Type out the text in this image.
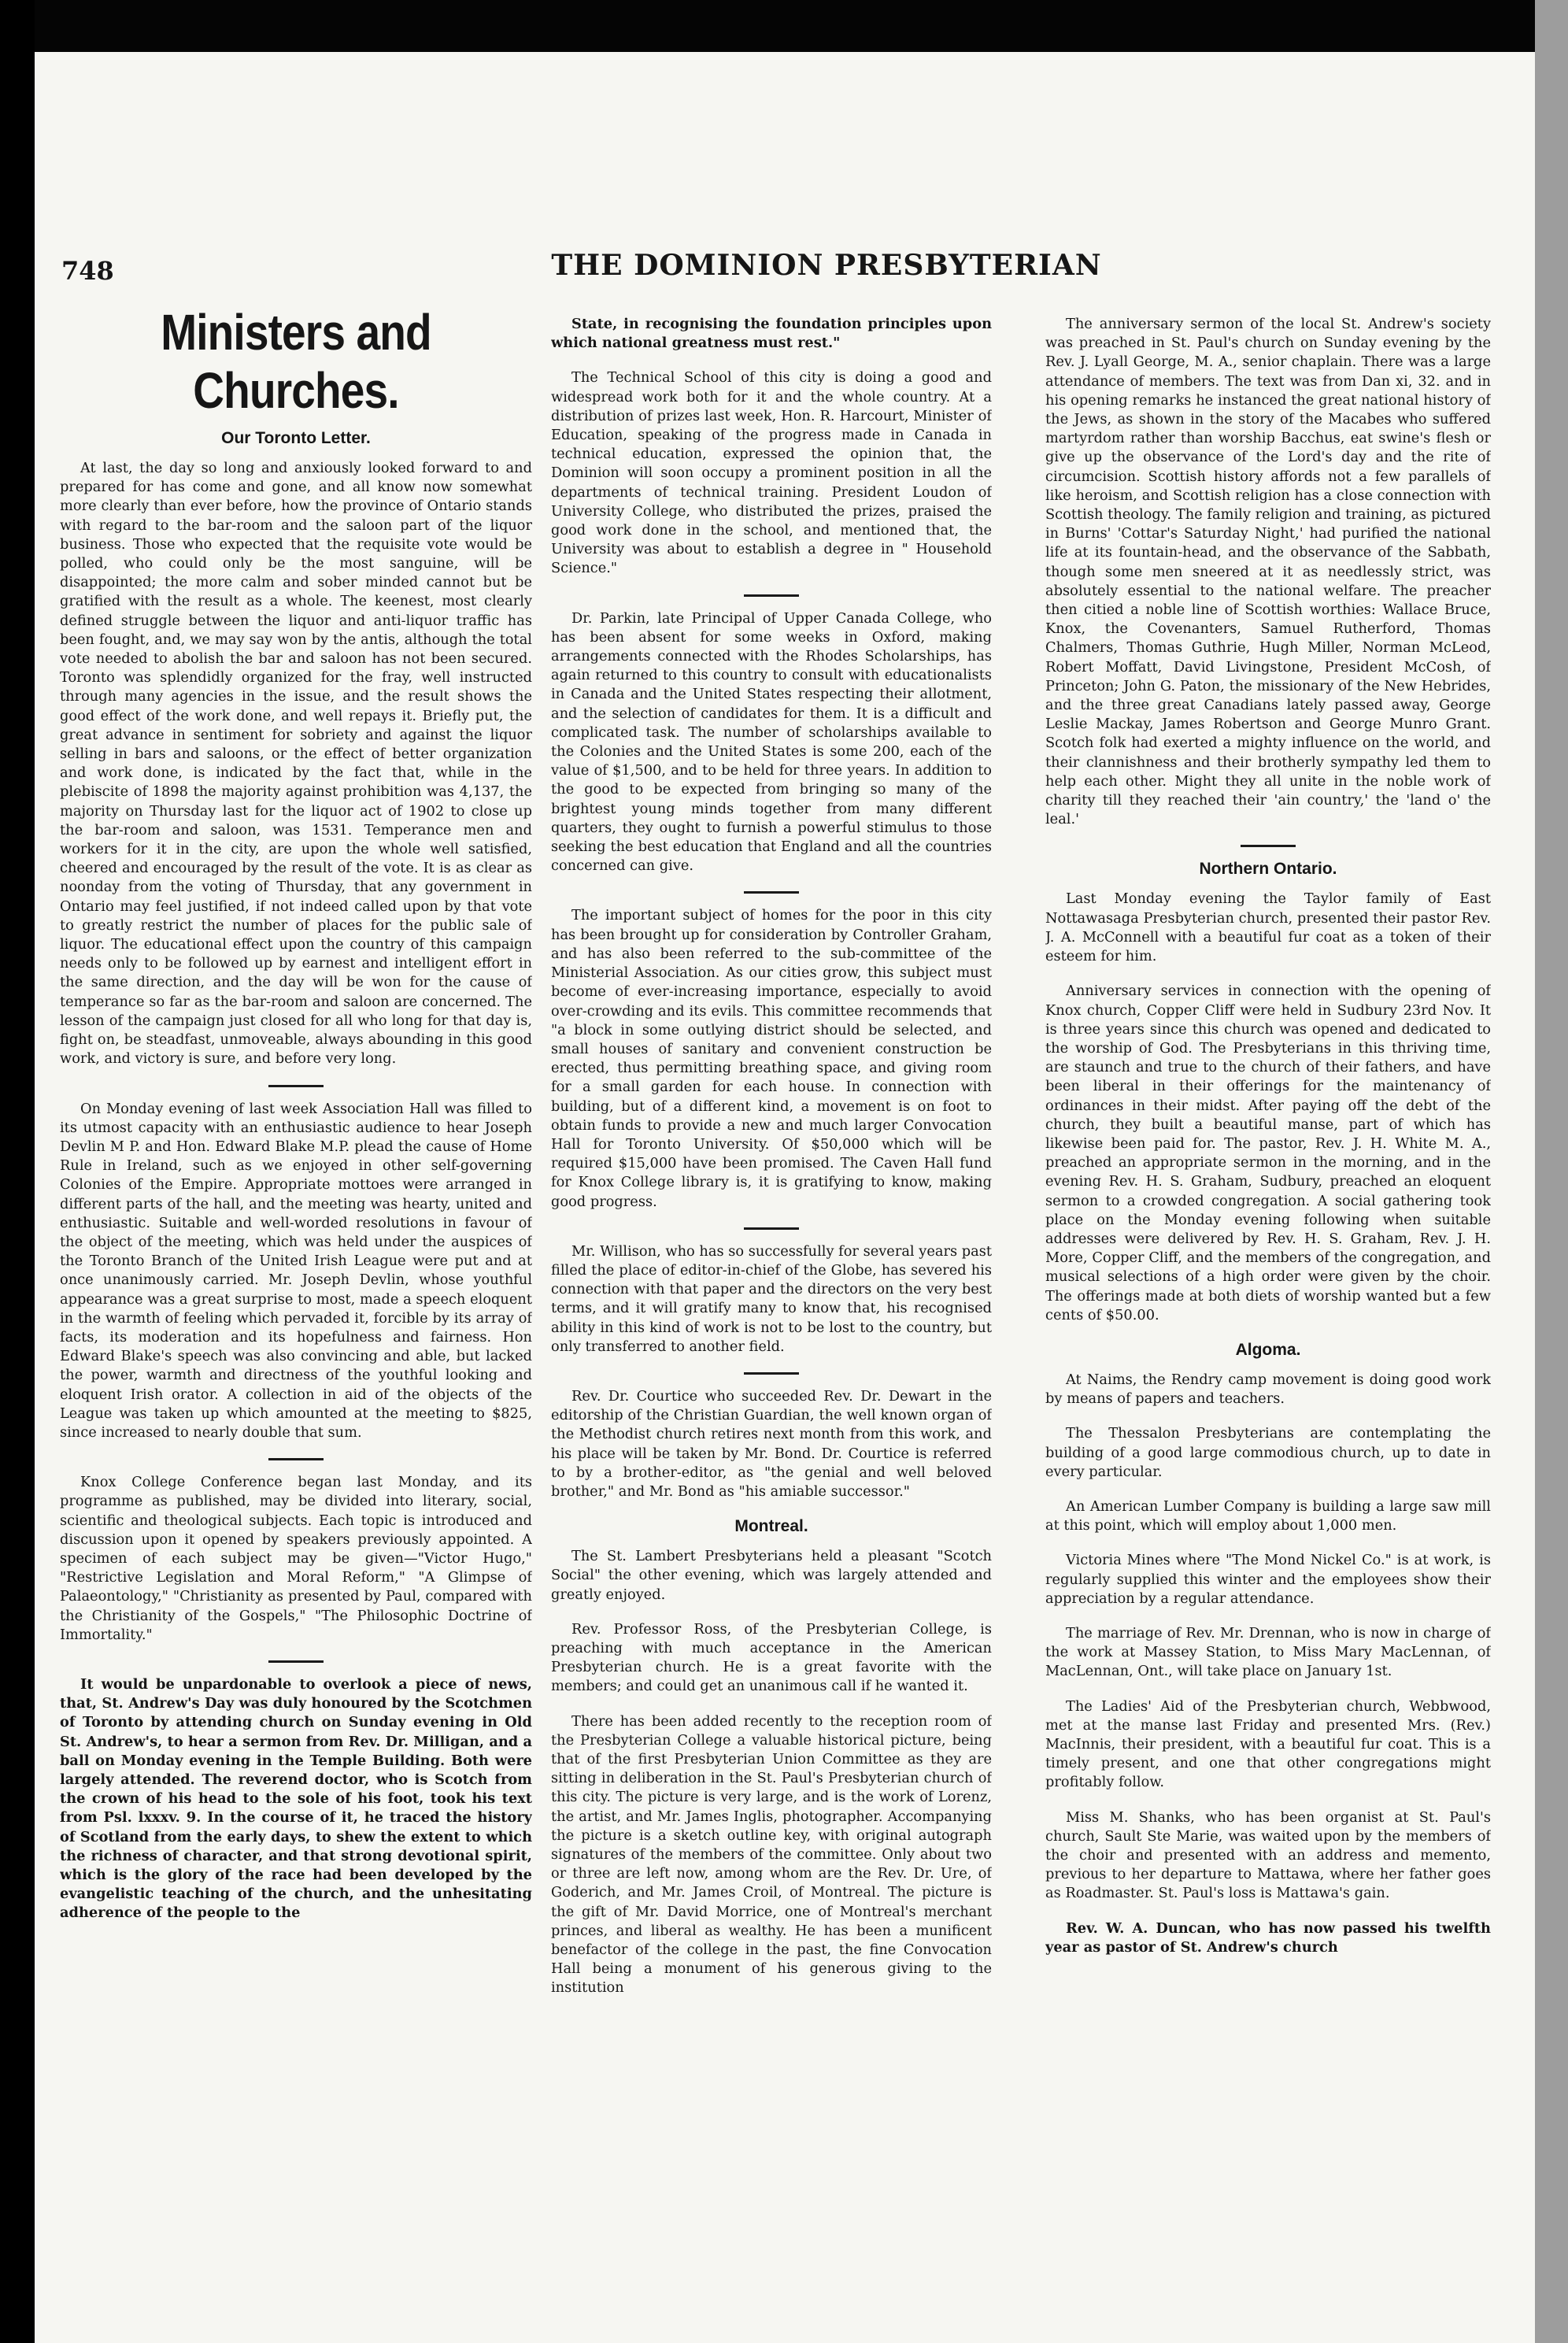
748	THE DOMINION PRESBYTERIAN
Ministers and Churches.
Our Toronto Letter.

At last, the day so long and anxiously looked forward to and prepared for has come and gone, and all know now somewhat more clearly than ever before, how the province of Ontario stands with regard to the bar-room and the saloon part of the liquor business. Those who expected that the requisite vote would be polled, who could only be the most sanguine, will be disappointed; the more calm and sober minded cannot but be gratified with the result as a whole. The keenest, most clearly defined struggle between the liquor and anti-liquor traffic has been fought, and, we may say won by the antis, although the total vote needed to abolish the bar and saloon has not been secured. Toronto was splendidly organized for the fray, well instructed through many agencies in the issue, and the result shows the good effect of the work done, and well repays it. Briefly put, the great advance in sentiment for sobriety and against the liquor selling in bars and saloons, or the effect of better organization and work done, is indicated by the fact that, while in the plebiscite of 1898 the majority against prohibition was 4,137, the majority on Thursday last for the liquor act of 1902 to close up the bar-room and saloon, was 1531. Temperance men and workers for it in the city, are upon the whole well satisfied, cheered and encouraged by the result of the vote. It is as clear as noonday from the voting of Thursday, that any government in Ontario may feel justified, if not indeed called upon by that vote to greatly restrict the number of places for the public sale of liquor. The educational effect upon the country of this campaign needs only to be followed up by earnest and intelligent effort in the same direction, and the day will be won for the cause of temperance so far as the bar-room and saloon are concerned. The lesson of the campaign just closed for all who long for that day is, fight on, be steadfast, unmoveable, always abounding in this good work, and victory is sure, and before very long.

On Monday evening of last week Association Hall was filled to its utmost capacity with an enthusiastic audience to hear Joseph Devlin M P. and Hon. Edward Blake M.P. plead the cause of Home Rule in Ireland, such as we enjoyed in other self-governing Colonies of the Empire. Appropriate mottoes were arranged in different parts of the hall, and the meeting was hearty, united and enthusiastic. Suitable and well-worded resolutions in favour of the object of the meeting, which was held under the auspices of the Toronto Branch of the United Irish League were put and at once unanimously carried. Mr. Joseph Devlin, whose youthful appearance was a great surprise to most, made a speech eloquent in the warmth of feeling which pervaded it, forcible by its array of facts, its moderation and its hopefulness and fairness. Hon Edward Blake's speech was also convincing and able, but lacked the power, warmth and directness of the youthful looking and eloquent Irish orator. A collection in aid of the objects of the League was taken up which amounted at the meeting to $825, since increased to nearly double that sum.

Knox College Conference began last Monday, and its programme as published, may be divided into literary, social, scientific and theological subjects. Each topic is introduced and discussion upon it opened by speakers previously appointed. A specimen of each subject may be given—"Victor Hugo," "Restrictive Legislation and Moral Reform," "A Glimpse of Palaeontology," "Christianity as presented by Paul, compared with the Christianity of the Gospels," "The Philosophic Doctrine of Immortality."

It would be unpardonable to overlook a piece of news, that, St. Andrew's Day was duly honoured by the Scotchmen of Toronto by attending church on Sunday evening in Old St. Andrew's, to hear a sermon from Rev. Dr. Milligan, and a ball on Monday evening in the Temple Building. Both were largely attended. The reverend doctor, who is Scotch from the crown of his head to the sole of his foot, took his text from Psl. lxxxv. 9. In the course of it, he traced the history of Scotland from the early days, to shew the extent to which the richness of character, and that strong devotional spirit, which is the glory of the race had been developed by the evangelistic teaching of the church, and the unhesitating adherence of the people to the

State, in recognising the foundation principles upon which national greatness must rest."

The Technical School of this city is doing a good and widespread work both for it and the whole country. At a distribution of prizes last week, Hon. R. Harcourt, Minister of Education, speaking of the progress made in Canada in technical education, expressed the opinion that, the Dominion will soon occupy a prominent position in all the departments of technical training. President Loudon of University College, who distributed the prizes, praised the good work done in the school, and mentioned that, the University was about to establish a degree in " Household Science."

Dr. Parkin, late Principal of Upper Canada College, who has been absent for some weeks in Oxford, making arrangements connected with the Rhodes Scholarships, has again returned to this country to consult with educationalists in Canada and the United States respecting their allotment, and the selection of candidates for them. It is a difficult and complicated task. The number of scholarships available to the Colonies and the United States is some 200, each of the value of $1,500, and to be held for three years. In addition to the good to be expected from bringing so many of the brightest young minds together from many different quarters, they ought to furnish a powerful stimulus to those seeking the best education that England and all the countries concerned can give.

The important subject of homes for the poor in this city has been brought up for consideration by Controller Graham, and has also been referred to the sub-committee of the Ministerial Association. As our cities grow, this subject must become of ever-increasing importance, especially to avoid over-crowding and its evils. This committee recommends that "a block in some outlying district should be selected, and small houses of sanitary and convenient construction be erected, thus permitting breathing space, and giving room for a small garden for each house. In connection with building, but of a different kind, a movement is on foot to obtain funds to provide a new and much larger Convocation Hall for Toronto University. Of $50,000 which will be required $15,000 have been promised. The Caven Hall fund for Knox College library is, it is gratifying to know, making good progress.

Mr. Willison, who has so successfully for several years past filled the place of editor-in-chief of the Globe, has severed his connection with that paper and the directors on the very best terms, and it will gratify many to know that, his recognised ability in this kind of work is not to be lost to the country, but only transferred to another field.

Rev. Dr. Courtice who succeeded Rev. Dr. Dewart in the editorship of the Christian Guardian, the well known organ of the Methodist church retires next month from this work, and his place will be taken by Mr. Bond. Dr. Courtice is referred to by a brother-editor, as "the genial and well beloved brother," and Mr. Bond as "his amiable successor."

Montreal.

The St. Lambert Presbyterians held a pleasant "Scotch Social" the other evening, which was largely attended and greatly enjoyed.

Rev. Professor Ross, of the Presbyterian College, is preaching with much acceptance in the American Presbyterian church. He is a great favorite with the members; and could get an unanimous call if he wanted it.

There has been added recently to the reception room of the Presbyterian College a valuable historical picture, being that of the first Presbyterian Union Committee as they are sitting in deliberation in the St. Paul's Presbyterian church of this city. The picture is very large, and is the work of Lorenz, the artist, and Mr. James Inglis, photographer. Accompanying the picture is a sketch outline key, with original autograph signatures of the members of the committee. Only about two or three are left now, among whom are the Rev. Dr. Ure, of Goderich, and Mr. James Croil, of Montreal. The picture is the gift of Mr. David Morrice, one of Montreal's merchant princes, and liberal as wealthy. He has been a munificent benefactor of the college in the past, the fine Convocation Hall being a monument of his generous giving to the institution

The anniversary sermon of the local St. Andrew's society was preached in St. Paul's church on Sunday evening by the Rev. J. Lyall George, M. A., senior chaplain. There was a large attendance of members. The text was from Dan xi, 32. and in his opening remarks he instanced the great national history of the Jews, as shown in the story of the Macabes who suffered martyrdom rather than worship Bacchus, eat swine's flesh or give up the observance of the Lord's day and the rite of circumcision. Scottish history affords not a few parallels of like heroism, and Scottish religion has a close connection with Scottish theology. The family religion and training, as pictured in Burns' 'Cottar's Saturday Night,' had purified the national life at its fountain-head, and the observance of the Sabbath, though some men sneered at it as needlessly strict, was absolutely essential to the national welfare. The preacher then citied a noble line of Scottish worthies: Wallace Bruce, Knox, the Covenanters, Samuel Rutherford, Thomas Chalmers, Thomas Guthrie, Hugh Miller, Norman McLeod, Robert Moffatt, David Livingstone, President McCosh, of Princeton; John G. Paton, the missionary of the New Hebrides, and the three great Canadians lately passed away, George Leslie Mackay, James Robertson and George Munro Grant. Scotch folk had exerted a mighty influence on the world, and their clannishness and their brotherly sympathy led them to help each other. Might they all unite in the noble work of charity till they reached their 'ain country,' the 'land o' the leal.'

Northern Ontario.

Last Monday evening the Taylor family of East Nottawasaga Presbyterian church, presented their pastor Rev. J. A. McConnell with a beautiful fur coat as a token of their esteem for him.

Anniversary services in connection with the opening of Knox church, Copper Cliff were held in Sudbury 23rd Nov. It is three years since this church was opened and dedicated to the worship of God. The Presbyterians in this thriving time, are staunch and true to the church of their fathers, and have been liberal in their offerings for the maintenancy of ordinances in their midst. After paying off the debt of the church, they built a beautiful manse, part of which has likewise been paid for. The pastor, Rev. J. H. White M. A., preached an appropriate sermon in the morning, and in the evening Rev. H. S. Graham, Sudbury, preached an eloquent sermon to a crowded congregation. A social gathering took place on the Monday evening following when suitable addresses were delivered by Rev. H. S. Graham, Rev. J. H. More, Copper Cliff, and the members of the congregation, and musical selections of a high order were given by the choir. The offerings made at both diets of worship wanted but a few cents of $50.00.

Algoma.

At Naims, the Rendry camp movement is doing good work by means of papers and teachers.

The Thessalon Presbyterians are contemplating the building of a good large commodious church, up to date in every particular.

An American Lumber Company is building a large saw mill at this point, which will employ about 1,000 men.

Victoria Mines where "The Mond Nickel Co." is at work, is regularly supplied this winter and the employees show their appreciation by a regular attendance.

The marriage of Rev. Mr. Drennan, who is now in charge of the work at Massey Station, to Miss Mary MacLennan, of MacLennan, Ont., will take place on January 1st.

The Ladies' Aid of the Presbyterian church, Webbwood, met at the manse last Friday and presented Mrs. (Rev.) MacInnis, their president, with a beautiful fur coat. This is a timely present, and one that other congregations might profitably follow.

Miss M. Shanks, who has been organist at St. Paul's church, Sault Ste Marie, was waited upon by the members of the choir and presented with an address and memento, previous to her departure to Mattawa, where her father goes as Roadmaster. St. Paul's loss is Mattawa's gain.

Rev. W. A. Duncan, who has now passed his twelfth year as pastor of St. Andrew's church
